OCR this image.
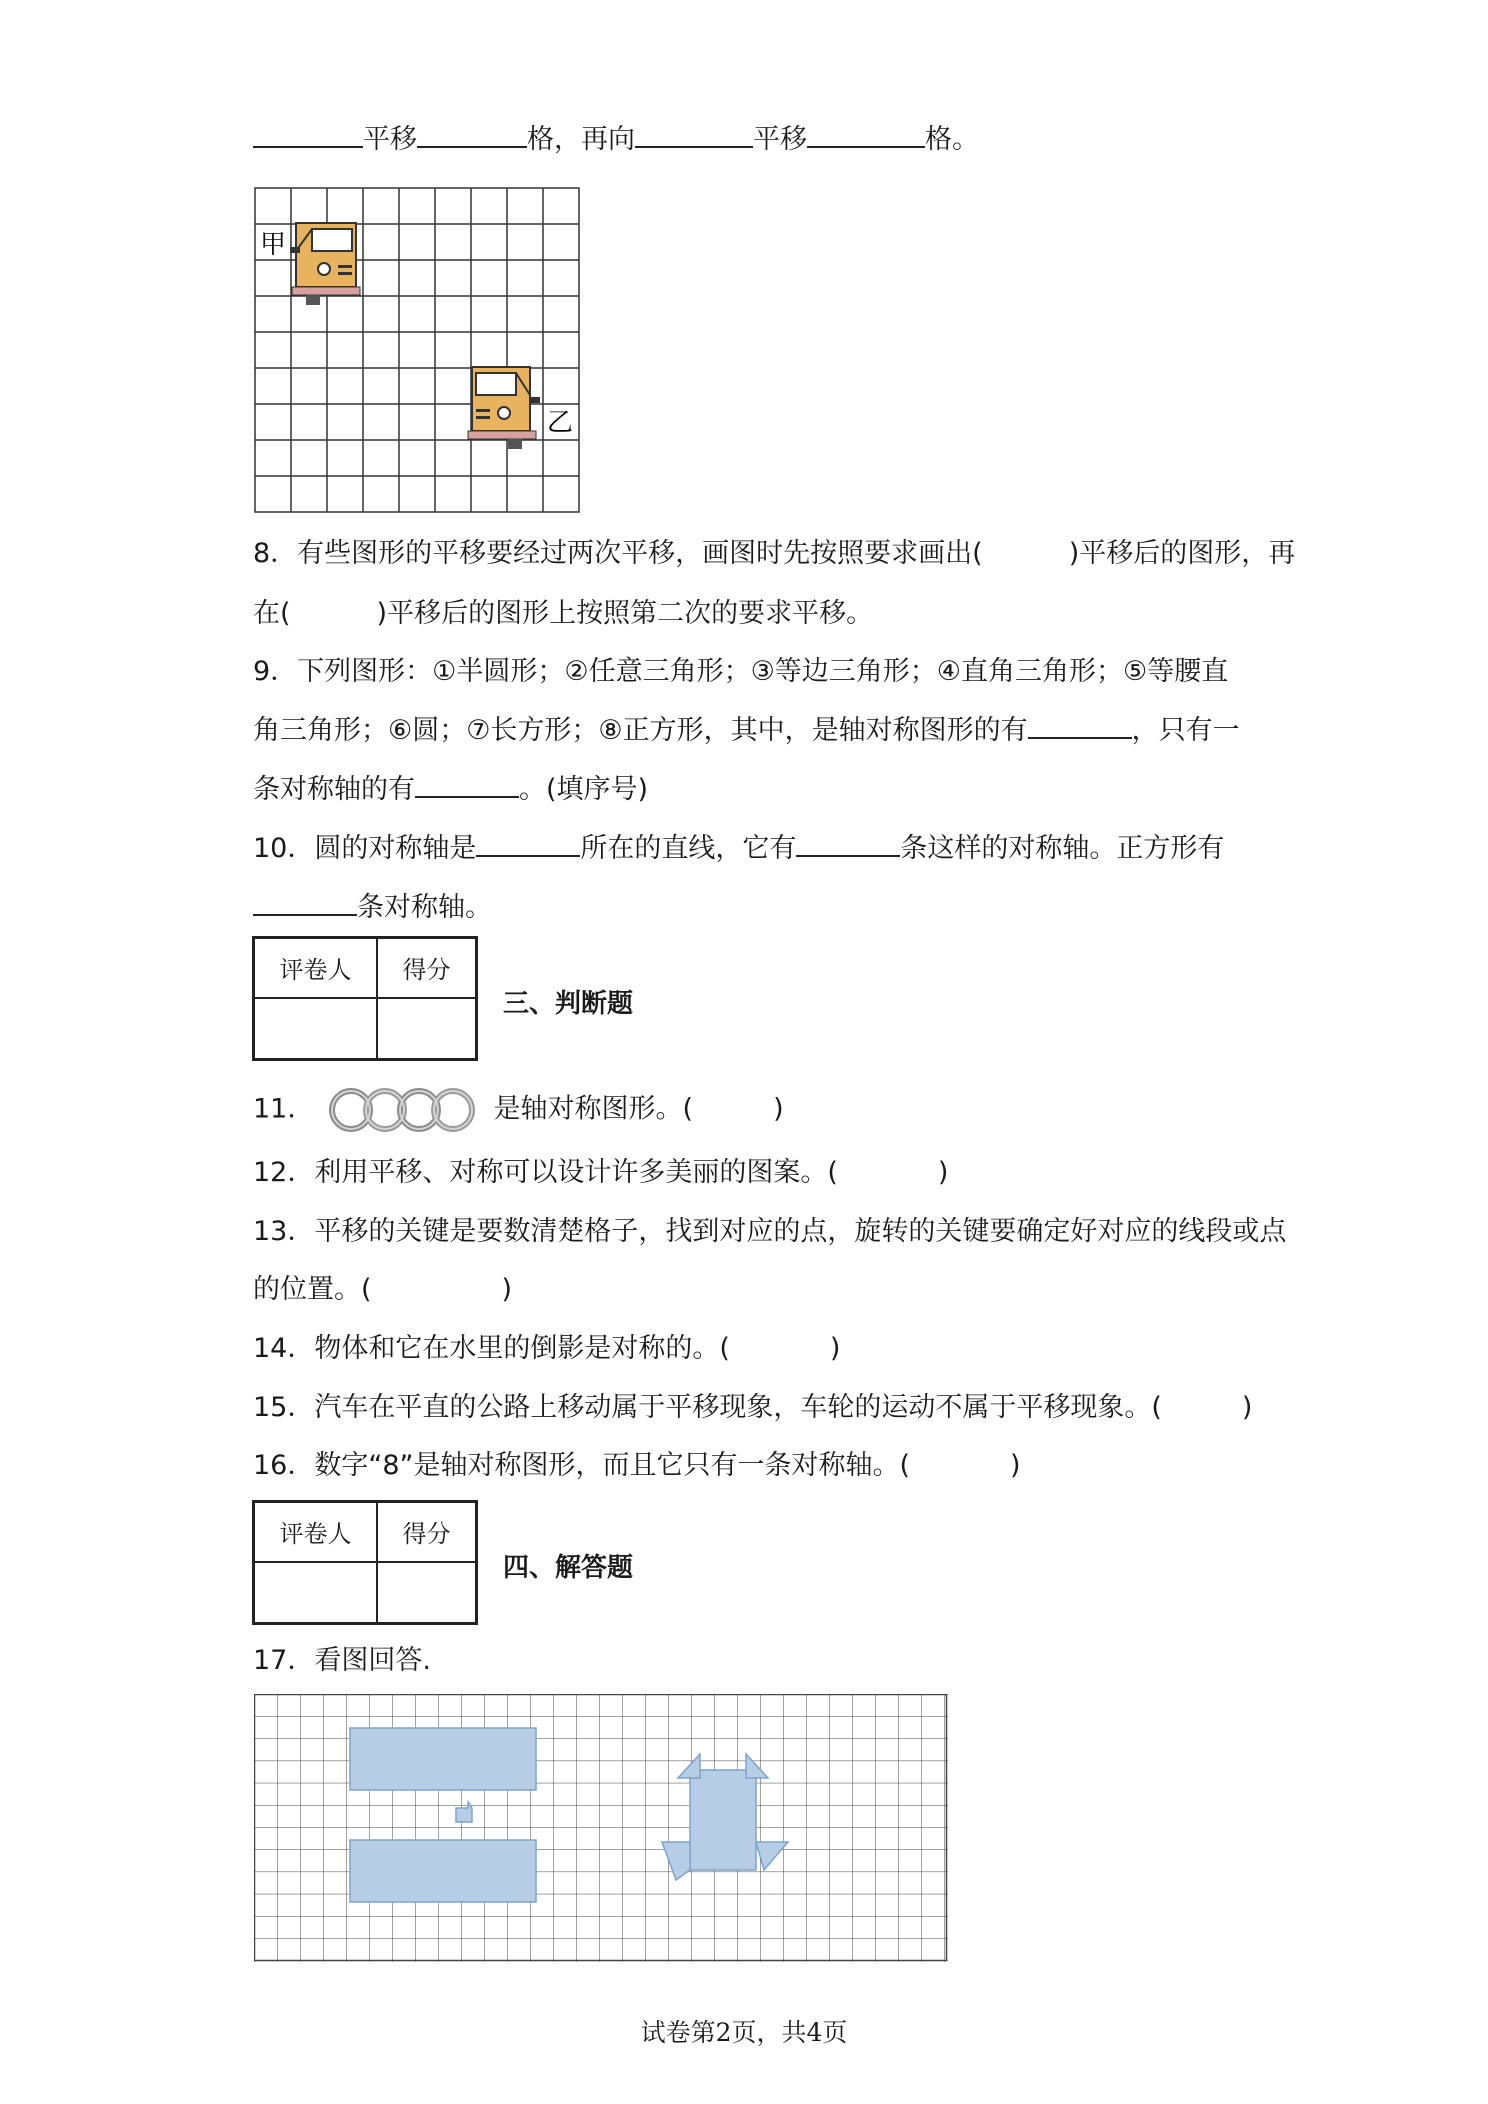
平移	格，再向	平移	格。
甲
乙
8．有些图形的平移要经过两次平移，画图时先按照要求画出(	)平移后的图形，再
在(	)平移后的图形上按照第二次的要求平移。
9．下列图形：①半圆形；②任意三角形；③等边三角形；④直角三角形；⑤等腰直
角三角形；⑥圆；⑦长方形；⑧正方形，其中，是轴对称图形的有	，只有一
条对称轴的有	。(填序号)
10．圆的对称轴是	所在的直线，它有	条这样的对称轴。正方形有
条对称轴。
评卷人	得分

三、判断题
11．	是轴对称图形。(	)
12．利用平移、对称可以设计许多美丽的图案。(	)
13．平移的关键是要数清楚格子，找到对应的点，旋转的关键要确定好对应的线段或点
的位置。(	)
14．物体和它在水里的倒影是对称的。(	)
15．汽车在平直的公路上移动属于平移现象，车轮的运动不属于平移现象。(	)
16．数字“8”是轴对称图形，而且它只有一条对称轴。(	)
评卷人	得分

四、解答题
17．看图回答.
试卷第2页，共4页
